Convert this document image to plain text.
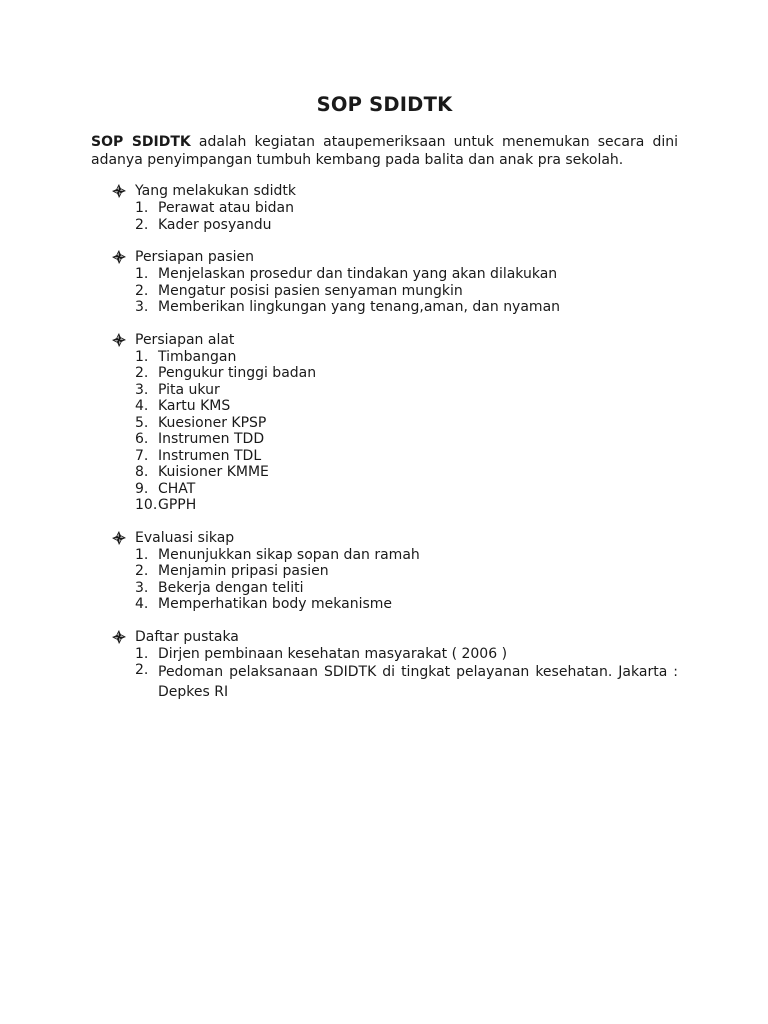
SOP SDIDTK
SOP SDIDTK adalah kegiatan ataupemeriksaan untuk menemukan secara dini
adanya penyimpangan tumbuh kembang pada balita dan anak pra sekolah.
Yang melakukan sdidtk
1. Perawat atau bidan
2. Kader posyandu
Persiapan pasien
1. Menjelaskan prosedur dan tindakan yang akan dilakukan
2. Mengatur posisi pasien senyaman mungkin
3. Memberikan lingkungan yang tenang,aman, dan nyaman
Persiapan alat
1. Timbangan
2. Pengukur tinggi badan
3. Pita ukur
4. Kartu KMS
5. Kuesioner KPSP
6. Instrumen TDD
7. Instrumen TDL
8. Kuisioner KMME
9. CHAT
10. GPPH
Evaluasi sikap
1. Menunjukkan sikap sopan dan ramah
2. Menjamin pripasi pasien
3. Bekerja dengan teliti
4. Memperhatikan body mekanisme
Daftar pustaka
1. Dirjen pembinaan kesehatan masyarakat ( 2006 )
2. Pedoman pelaksanaan SDIDTK di tingkat pelayanan kesehatan. Jakarta :
Depkes RI
